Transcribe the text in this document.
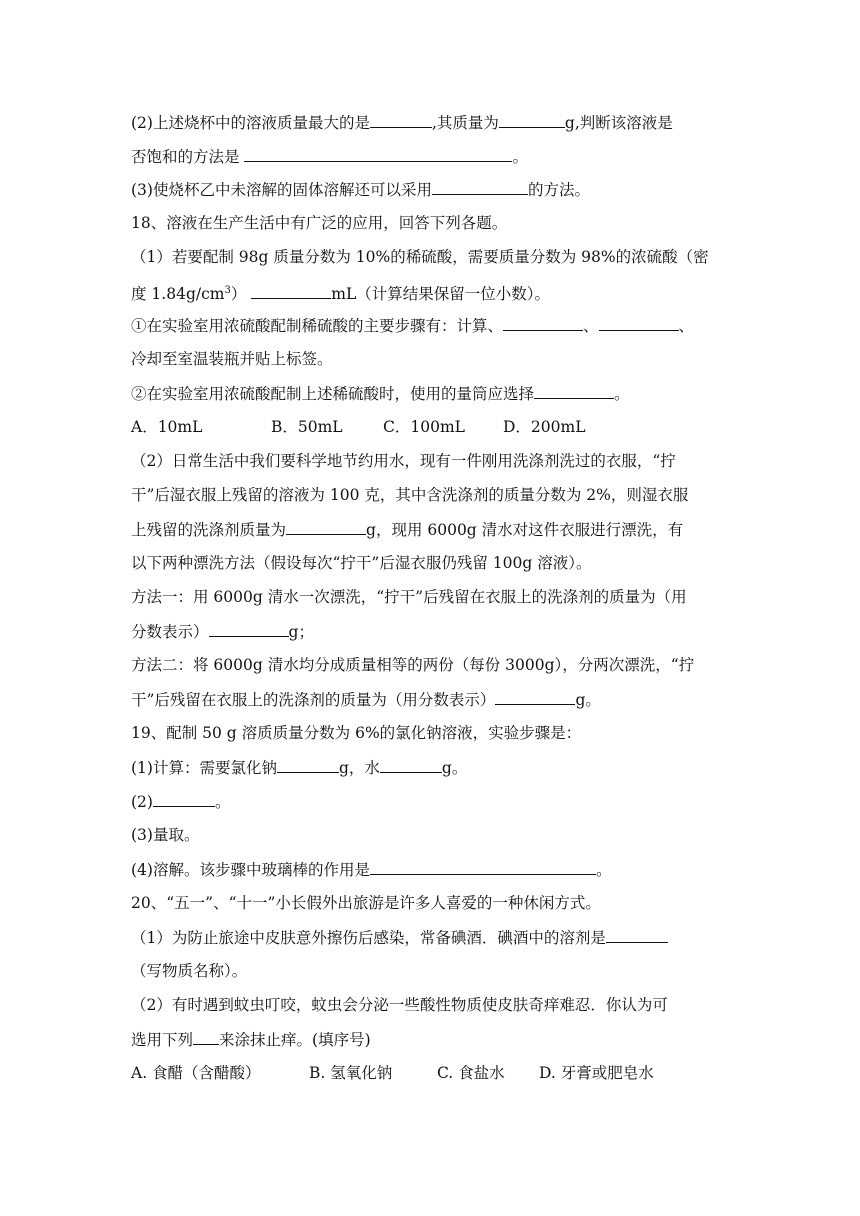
(2)上述烧杯中的溶液质量最大的是	,其质量为	g,判断该溶液是
否饱和的方法是	。
(3)使烧杯乙中未溶解的固体溶解还可以采用	的方法。
18、溶液在生产生活中有广泛的应用，回答下列各题。
（1）若要配制 98g 质量分数为 10%的稀硫酸，需要质量分数为 98%的浓硫酸（密
度 $1.84g/cm^3$）	mL（计算结果保留一位小数）。
①在实验室用浓硫酸配制稀硫酸的主要步骤有：计算、	、	、
冷却至室温装瓶并贴上标签。
②在实验室用浓硫酸配制上述稀硫酸时，使用的量筒应选择	。
A．10mL	B．50mL	C．100mL D．200mL
（2）日常生活中我们要科学地节约用水，现有一件刚用洗涤剂洗过的衣服，“拧
干”后湿衣服上残留的溶液为 100 克，其中含洗涤剂的质量分数为 2%，则湿衣服
上残留的洗涤剂质量为	g，现用 6000g 清水对这件衣服进行漂洗，有
以下两种漂洗方法（假设每次“拧干”后湿衣服仍残留 100g 溶液）。
方法一：用 6000g 清水一次漂洗，“拧干”后残留在衣服上的洗涤剂的质量为（用
分数表示）	g；
方法二：将 6000g 清水均分成质量相等的两份（每份 3000g），分两次漂洗，“拧
干”后残留在衣服上的洗涤剂的质量为（用分数表示）	g。
19、配制 50 g 溶质质量分数为 6%的氯化钠溶液，实验步骤是：
(1)计算：需要氯化钠	g，水	g。
(2)	。
(3)量取。
(4)溶解。该步骤中玻璃棒的作用是	。
20、“五一”、“十一”小长假外出旅游是许多人喜爱的一种休闲方式。
（1）为防止旅途中皮肤意外擦伤后感染，常备碘酒．碘酒中的溶剂是
（写物质名称）。
（2）有时遇到蚊虫叮咬，蚊虫会分泌一些酸性物质使皮肤奇痒难忍．你认为可
选用下列 来涂抹止痒。(填序号)
A. 食醋（含醋酸）	B. 氢氧化钠	C. 食盐水 D. 牙膏或肥皂水
